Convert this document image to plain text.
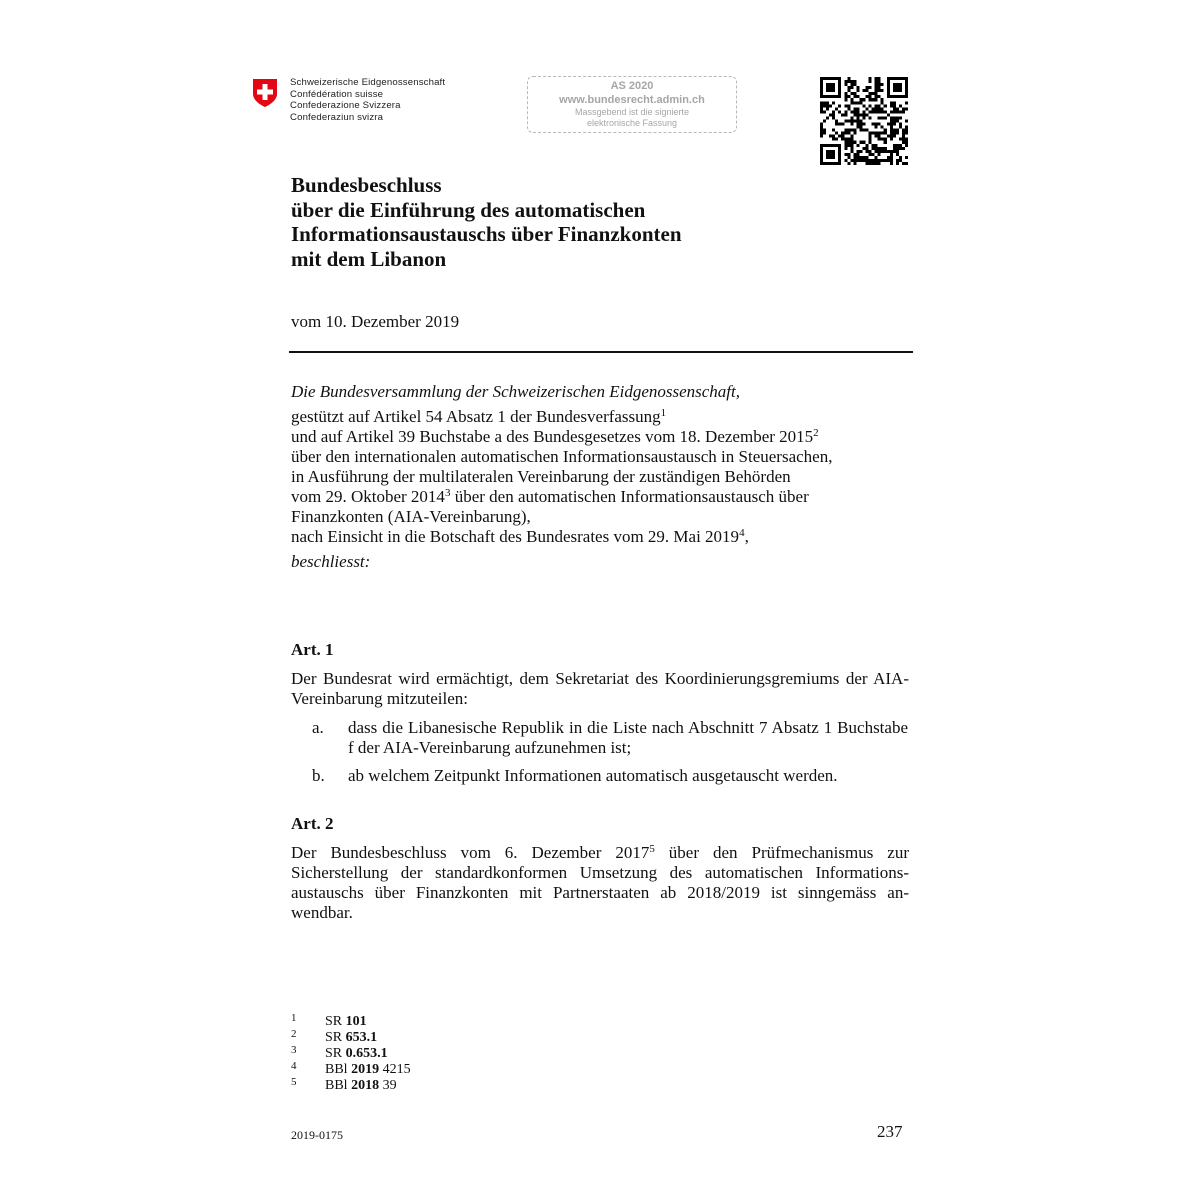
Schweizerische Eidgenossenschaft
Confédération suisse
Confederazione Svizzera
Confederaziun svizra
AS 2020
www.bundesrecht.admin.ch
Massgebend ist die signierte
elektronische Fassung
Bundesbeschluss
über die Einführung des automatischen
Informationsaustauschs über Finanzkonten
mit dem Libanon
vom 10. Dezember 2019
Die Bundesversammlung der Schweizerischen Eidgenossenschaft,
gestützt auf Artikel 54 Absatz 1 der Bundesverfassung$^1$
und auf Artikel 39 Buchstabe a des Bundesgesetzes vom 18. Dezember 2015$^2$
über den internationalen automatischen Informationsaustausch in Steuersachen,
in Ausführung der multilateralen Vereinbarung der zuständigen Behörden
vom 29. Oktober 2014$^3$ über den automatischen Informationsaustausch über
Finanzkonten (AIA-Vereinbarung),
nach Einsicht in die Botschaft des Bundesrates vom 29. Mai 2019$^4$,
beschliesst:
Art. 1
Der Bundesrat wird ermächtigt, dem Sekretariat des Koordinierungsgremiums der AIA-Vereinbarung mitzuteilen:
a. dass die Libanesische Republik in die Liste nach Abschnitt 7 Absatz 1 Buchstabe f der AIA-Vereinbarung aufzunehmen ist;
b. ab welchem Zeitpunkt Informationen automatisch ausgetauscht werden.
Art. 2
Der Bundesbeschluss vom 6. Dezember 2017$^5$ über den Prüfmechanismus zur Sicherstellung der standardkonformen Umsetzung des automatischen Informations-austauschs über Finanzkonten mit Partnerstaaten ab 2018/2019 ist sinngemäss an-wendbar.
1 SR 101
2 SR 653.1
3 SR 0.653.1
4 BBl 2019 4215
5 BBl 2018 39
2019-0175	237
